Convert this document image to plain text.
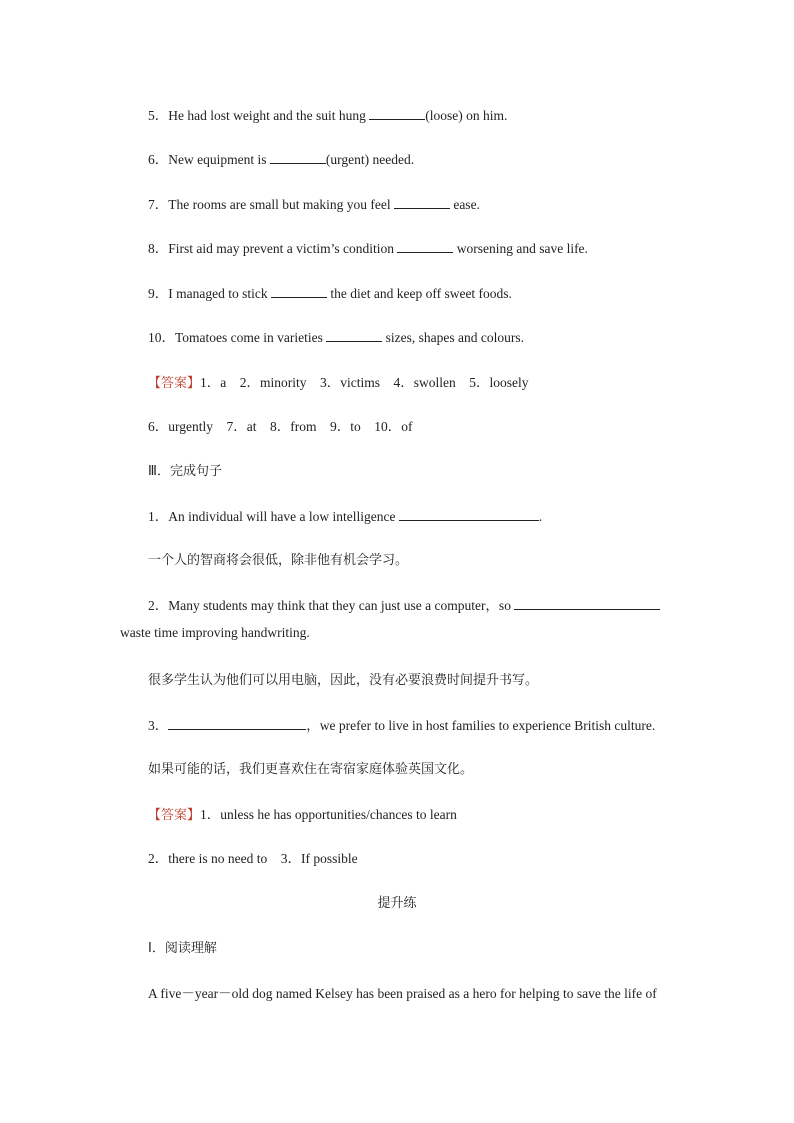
5．He had lost weight and the suit hung	(loose) on him.
6．New equipment is	(urgent) needed.
7．The rooms are small but making you feel	ease.
8．First aid may prevent a victim’s condition	worsening and save life.
9．I managed to stick	the diet and keep off sweet foods.
10．Tomatoes come in varieties	sizes, shapes and colours.
【答案】1．a　2．minority　3．victims　4．swollen　5．loosely
6．urgently　7．at　8．from　9．to　10．of
Ⅲ．完成句子
1．An individual will have a low intelligence	.
一个人的智商将会很低，除非他有机会学习。
2．Many students may think that they can just use a computer，so
waste time improving handwriting.
很多学生认为他们可以用电脑，因此，没有必要浪费时间提升书写。
3．	，we prefer to live in host families to experience British culture.
如果可能的话，我们更喜欢住在寄宿家庭体验英国文化。
【答案】1．unless he has opportunities/chances to learn
2．there is no need to　3．If possible
提升练
Ⅰ．阅读理解
A five－year－old dog named Kelsey has been praised as a hero for helping to save the life of
